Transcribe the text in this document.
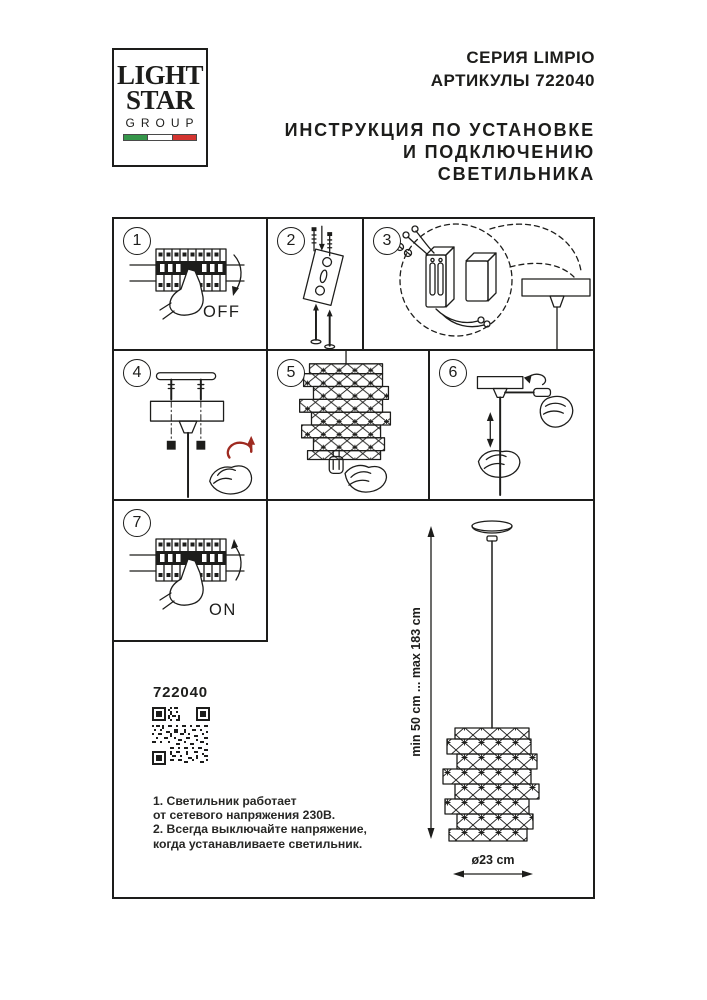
LIGHT
STAR
GROUP
СЕРИЯ LIMPIO
АРТИКУЛЫ 722040
ИНСТРУКЦИЯ ПО УСТАНОВКЕ
И ПОДКЛЮЧЕНИЮ СВЕТИЛЬНИКА
1
OFF
2	3
4	5	6
7
ON
722040
1. Светильник работает
от сетевого напряжения 230В.
2. Всегда выключайте напряжение,
когда устанавливаете светильник.
min 50 cm ... max 183 cm
ø23 cm
